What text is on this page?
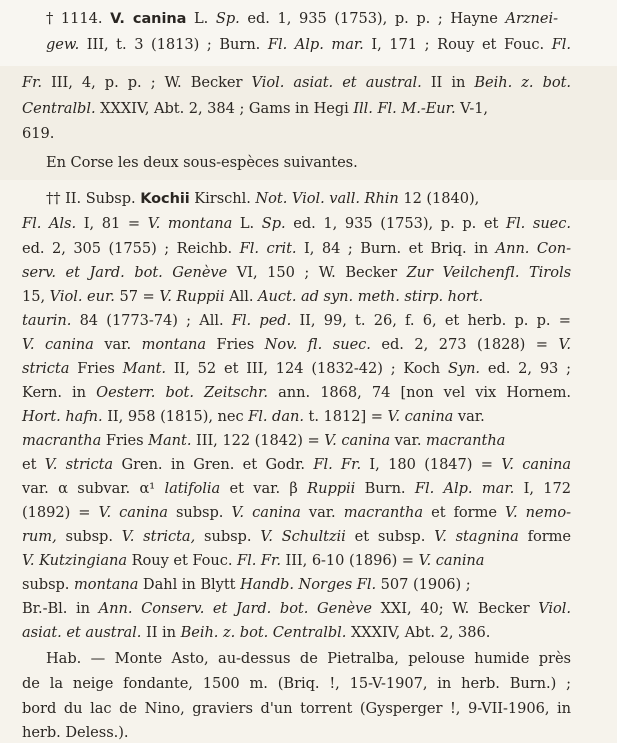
† 1114. V. canina L. Sp. ed. 1, 935 (1753), p. p. ; Hayne Arznei-
gew. III, t. 3 (1813) ; Burn. Fl. Alp. mar. I, 171 ; Rouy et Fouc. Fl.
Fr. III, 4, p. p. ; W. Becker Viol. asiat. et austral. II in Beih. z. bot.
Centralbl. XXXIV, Abt. 2, 384 ; Gams in Hegi Ill. Fl. M.-Eur. V-1,
619.
En Corse les deux sous-espèces suivantes.
†† II. Subsp. Kochii Kirschl. Not. Viol. vall. Rhin 12 (1840),
Fl. Als. I, 81 = V. montana L. Sp. ed. 1, 935 (1753), p. p. et Fl. suec.
ed. 2, 305 (1755) ; Reichb. Fl. crit. I, 84 ; Burn. et Briq. in Ann. Con-
serv. et Jard. bot. Genève VI, 150 ; W. Becker Zur Veilchenfl. Tirols
15, Viol. eur. 57 = V. Ruppii All. Auct. ad syn. meth. stirp. hort.
taurin. 84 (1773-74) ; All. Fl. ped. II, 99, t. 26, f. 6, et herb. p. p. =
V. canina var. montana Fries Nov. fl. suec. ed. 2, 273 (1828) = V.
stricta Fries Mant. II, 52 et III, 124 (1832-42) ; Koch Syn. ed. 2, 93 ;
Kern. in Oesterr. bot. Zeitschr. ann. 1868, 74 [non vel vix Hornem.
Hort. hafn. II, 958 (1815), nec Fl. dan. t. 1812] = V. canina var.
macrantha Fries Mant. III, 122 (1842) = V. canina var. macrantha
et V. stricta Gren. in Gren. et Godr. Fl. Fr. I, 180 (1847) = V. canina
var. α subvar. α¹ latifolia et var. β Ruppii Burn. Fl. Alp. mar. I, 172
(1892) = V. canina subsp. V. canina var. macrantha et forme V. nemo-
rum, subsp. V. stricta, subsp. V. Schultzii et subsp. V. stagnina forme
V. Kutzingiana Rouy et Fouc. Fl. Fr. III, 6-10 (1896) = V. canina
subsp. montana Dahl in Blytt Handb. Norges Fl. 507 (1906) ;
Br.-Bl. in Ann. Conserv. et Jard. bot. Genève XXI, 40; W. Becker Viol.
asiat. et austral. II in Beih. z. bot. Centralbl. XXXIV, Abt. 2, 386.
Hab. — Monte Asto, au-dessus de Pietralba, pelouse humide près
de la neige fondante, 1500 m. (Briq. !, 15-V-1907, in herb. Burn.) ;
bord du lac de Nino, graviers d'un torrent (Gysperger !, 9-VII-1906, in
herb. Deless.).
